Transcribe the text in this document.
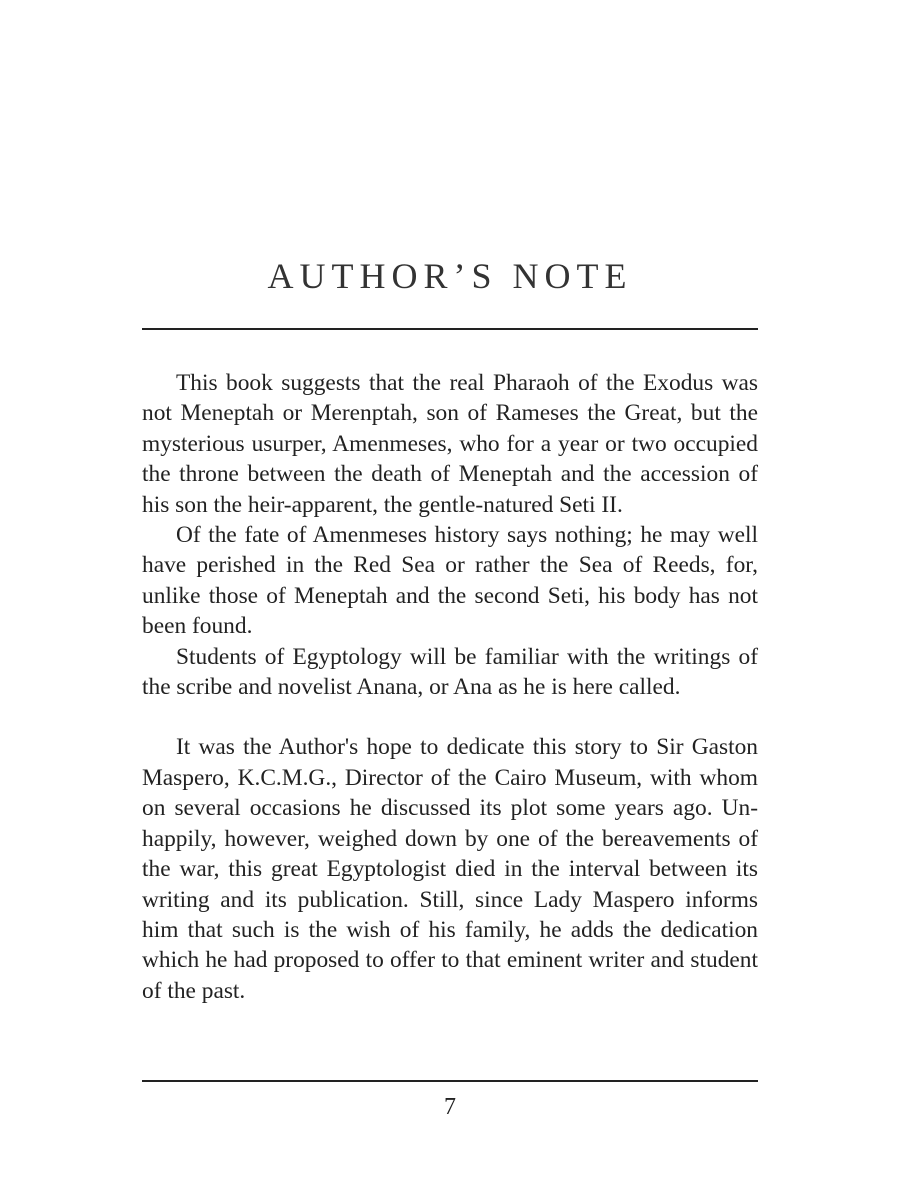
AUTHOR’S NOTE

This book suggests that the real Pharaoh of the Exodus was not Meneptah or Merenptah, son of Rameses the Great, but the mysterious usurper, Amenmeses, who for a year or two occupied the throne between the death of Meneptah and the accession of his son the heir-apparent, the gentle-natured Seti II.

Of the fate of Amenmeses history says nothing; he may well have perished in the Red Sea or rather the Sea of Reeds, for, unlike those of Meneptah and the second Seti, his body has not been found.

Students of Egyptology will be familiar with the writings of the scribe and novelist Anana, or Ana as he is here called.

It was the Author's hope to dedicate this story to Sir Gaston Maspero, K.C.M.G., Director of the Cairo Museum, with whom on several occasions he discussed its plot some years ago. Unhappily, however, weighed down by one of the bereavements of the war, this great Egyptologist died in the interval between its writing and its publication. Still, since Lady Maspero informs him that such is the wish of his family, he adds the dedication which he had proposed to offer to that eminent writer and student of the past.

7
